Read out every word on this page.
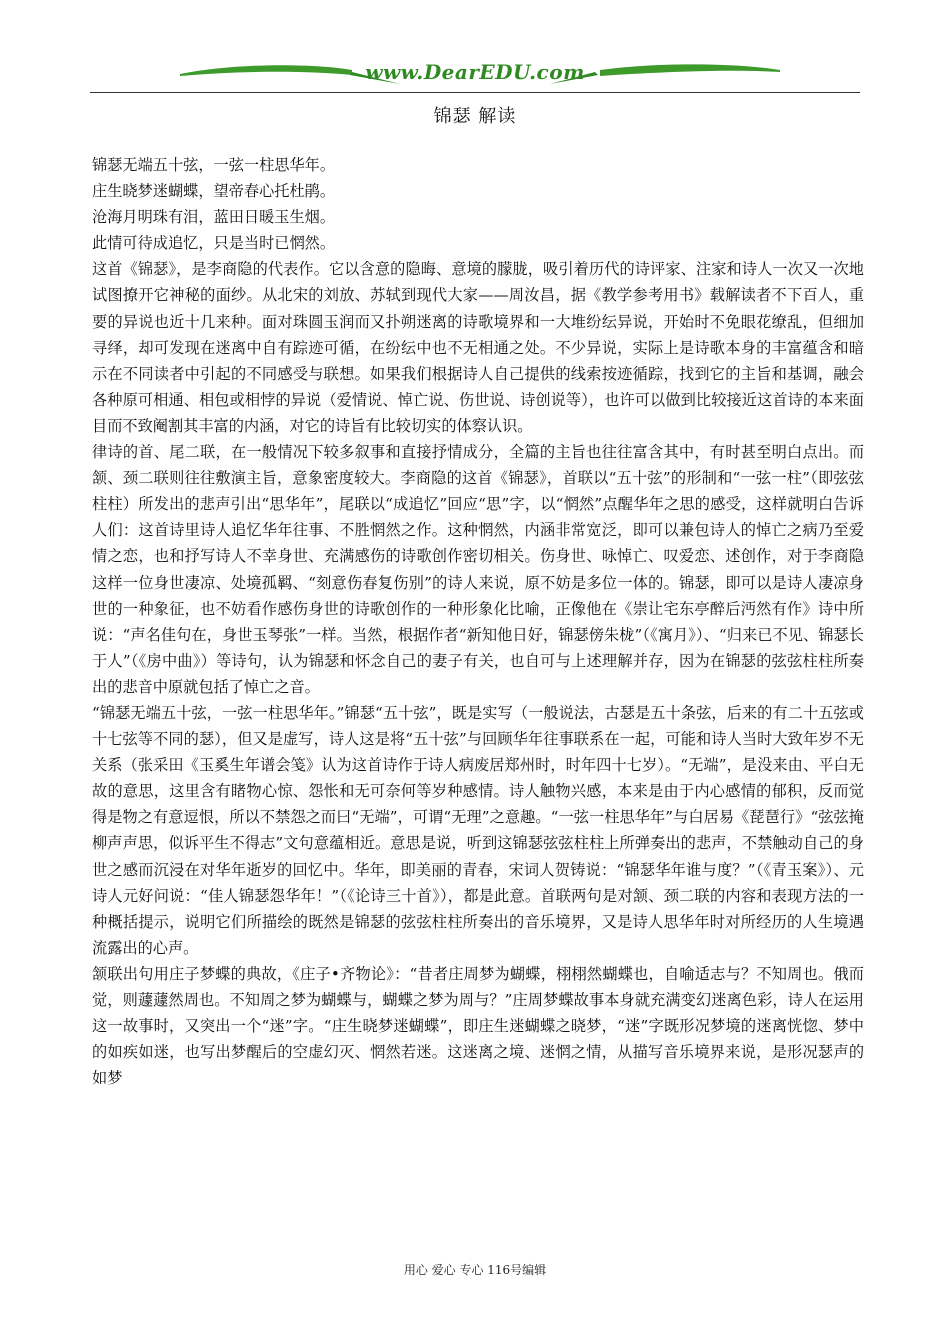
www.DearEDU.com
锦瑟 解读

锦瑟无端五十弦，一弦一柱思华年。

庄生晓梦迷蝴蝶，望帝春心托杜鹃。

沧海月明珠有泪，蓝田日暖玉生烟。

此情可待成追忆，只是当时已惘然。

这首《锦瑟》，是李商隐的代表作。它以含意的隐晦、意境的朦胧，吸引着历代的诗评家、注家和诗人一次又一次地试图撩开它神秘的面纱。从北宋的刘放、苏轼到现代大家——周汝昌，据《教学参考用书》载解读者不下百人，重要的异说也近十几来种。面对珠圆玉润而又扑朔迷离的诗歌境界和一大堆纷纭异说，开始时不免眼花缭乱，但细加寻绎，却可发现在迷离中自有踪迹可循，在纷纭中也不无相通之处。不少异说，实际上是诗歌本身的丰富蕴含和暗示在不同读者中引起的不同感受与联想。如果我们根据诗人自己提供的线索按迹循踪，找到它的主旨和基调，融会各种原可相通、相包或相悖的异说（爱情说、悼亡说、伤世说、诗创说等），也许可以做到比较接近这首诗的本来面目而不致阉割其丰富的内涵，对它的诗旨有比较切实的体察认识。

律诗的首、尾二联，在一般情况下较多叙事和直接抒情成分，全篇的主旨也往往富含其中，有时甚至明白点出。而颔、颈二联则往往敷演主旨，意象密度较大。李商隐的这首《锦瑟》，首联以“五十弦”的形制和“一弦一柱”（即弦弦柱柱）所发出的悲声引出“思华年”，尾联以“成追忆”回应“思”字，以“惘然”点醒华年之思的感受，这样就明白告诉人们：这首诗里诗人追忆华年往事、不胜惘然之作。这种惘然，内涵非常宽泛，即可以兼包诗人的悼亡之病乃至爱情之恋，也和抒写诗人不幸身世、充满感伤的诗歌创作密切相关。伤身世、咏悼亡、叹爱恋、述创作，对于李商隐这样一位身世凄凉、处境孤羁、“刻意伤春复伤别”的诗人来说，原不妨是多位一体的。锦瑟，即可以是诗人凄凉身世的一种象征，也不妨看作感伤身世的诗歌创作的一种形象化比喻，正像他在《崇让宅东亭醉后沔然有作》诗中所说：“声名佳句在，身世玉琴张”一样。当然，根据作者“新知他日好，锦瑟傍朱栊”（《寓月》）、“归来已不见、锦瑟长于人”（《房中曲》）等诗句，认为锦瑟和怀念自己的妻子有关，也自可与上述理解并存，因为在锦瑟的弦弦柱柱所奏出的悲音中原就包括了悼亡之音。

“锦瑟无端五十弦，一弦一柱思华年。”锦瑟“五十弦”，既是实写（一般说法，古瑟是五十条弦，后来的有二十五弦或十七弦等不同的瑟），但又是虚写，诗人这是将“五十弦”与回顾华年往事联系在一起，可能和诗人当时大致年岁不无关系（张采田《玉奚生年谱会笺》认为这首诗作于诗人病废居郑州时，时年四十七岁）。“无端”，是没来由、平白无故的意思，这里含有睹物心惊、怨怅和无可奈何等岁种感情。诗人触物兴感，本来是由于内心感情的郁积，反而觉得是物之有意逗恨，所以不禁怨之而曰“无端”，可谓“无理”之意趣。“一弦一柱思华年”与白居易《琵琶行》“弦弦掩柳声声思，似诉平生不得志”文句意蕴相近。意思是说，听到这锦瑟弦弦柱柱上所弹奏出的悲声，不禁触动自己的身世之感而沉浸在对华年逝岁的回忆中。华年，即美丽的青春，宋词人贺铸说：“锦瑟华年谁与度？”（《青玉案》）、元诗人元好问说：“佳人锦瑟怨华年！”（《论诗三十首》），都是此意。首联两句是对颔、颈二联的内容和表现方法的一种概括提示，说明它们所描绘的既然是锦瑟的弦弦柱柱所奏出的音乐境界，又是诗人思华年时对所经历的人生境遇流露出的心声。

颔联出句用庄子梦蝶的典故，《庄子•齐物论》：“昔者庄周梦为蝴蝶，栩栩然蝴蝶也，自喻适志与？不知周也。俄而觉，则蘧蘧然周也。不知周之梦为蝴蝶与，蝴蝶之梦为周与？”庄周梦蝶故事本身就充满变幻迷离色彩，诗人在运用这一故事时，又突出一个“迷”字。“庄生晓梦迷蝴蝶”，即庄生迷蝴蝶之晓梦，“迷”字既形况梦境的迷离恍惚、梦中的如疾如迷，也写出梦醒后的空虚幻灭、惘然若迷。这迷离之境、迷惘之情，从描写音乐境界来说，是形况瑟声的如梦

用心 爱心 专心 116号编辑
